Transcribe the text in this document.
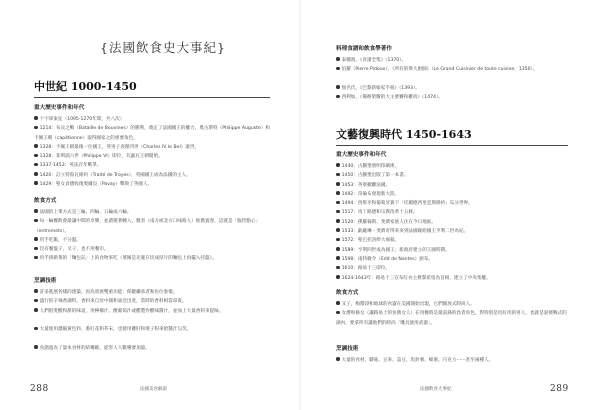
{法國飲食史大事紀}
中世紀 1000-1450
重大歷史事件和年代
十字軍東征（1095-1270年間，共八次）
1214：布汶之戰（Bataille de Bouvines）的勝利，奠定了法國國王的權力，奧古斯特（Philippe Auguste）和卡佩王朝（capétienne）取得國家之的重要角色。
1328：卡佩王朝最後一位國王，英男子查理四世（Charles IV le Bel）逝世。
1328：菲利浦六世（Philippe VI）即位，瓦盧瓦王朝開始。
1337-1453：英法百年戰爭。
1420：訂立特魯瓦條約（Traité de Troyes），英國國王成為法國的主人。
1429：聖女貞德收復奧爾良（Pavay）擊敗了英國人。
飲食方式
法國的上菜方式是三輪、四輪、五輪或六輪。
每一輪餐飲會最讓中間的享樂，並讀變著轉入，數者（南方或北方口味路人）推薦賓客，這就是「服侍點心」（entremets）。
用手吃飯，不分盤。
沒有餐盤子，叉子，也不用餐巾。
用手掛新菜的「麵包託」上的食物來吃（菜餚是先施在切成厚片的麵包上再擺入托盤）。
烹調技術
許多進展各樣的建築，因為貴族雙重功能：保鍵繼承者和佐位象徵。
盛行的辛辣香調料，香料來自於中國和東亞出產，當時的香料相當昂貴。
人們很愛酸和甜的味道，用檸檬汁、酸葡萄汁或醋製作酸味醬汁，並加上大量香料來提味。
大量使用濃縮黃色料、番紅花和芥末，也使用雞肝和栗子粉來給醬汁勾芡。
食譜過為了量本食材的結構歐，從害人人數導要加量。
288	法國美食解說
料理食譜和飲食學著作
泰爾馮，《食譜全集》（1370）。
伯羅（Pierre Pidoux），《所有的偉大廚師》（Le Grand Cuisinier de toute cuisine，1350）。
無名氏，《巴黎新娘家手冊》（1393）。
西利加，《備辦榮耀的大主要賽和雞肉》（1474）。
文藝復興時代 1450-1643
重大歷史事件和年代
1440：古騰堡發明印刷術。
1450：古騰堡出版了第一本書。
1453：英軍撤離法國。
1492：哥倫布發現新大陸。
1494：西班牙和葡萄牙簽下「托爾德西里亞斯條約」瓜分世界。
1517：馬丁路德和宗教改革十五條。
1520：佛羅倫斯、斐濟家族人住在今日地區。
1533：凱薩琳・斐濟奇得來來到法國嫁給國王亨利二世為妃。
1572：聖巴托洛繆大屠殺。
1589：亨利四世成為國王；新政府建立的王國時期。
1598：南特敕令（Edit de Nantes）頒布。
1610：路易十三即位。
1624-1643年：路易十三宣布紅衣主教黎希留為首相，建立了中央集權。
飲食方式
叉子，梅階段和地球的食器在美國開始出現，它們開放式時尚人。
女爵和修女（讓路易士的仿舊女人）在用餐時是最前鋒的負責角色，對特別是切好肉的男人，也就是說被戰式的湖內，要拿所有讓他們的時尚「雕具使用武器」。
烹調技術
大量的食材，蘑菇、豆來、蒜豆、馬鈴薯、蜂蜜、巧克力⋯⋯甚至兩種人。
法國飲食大事紀	289
